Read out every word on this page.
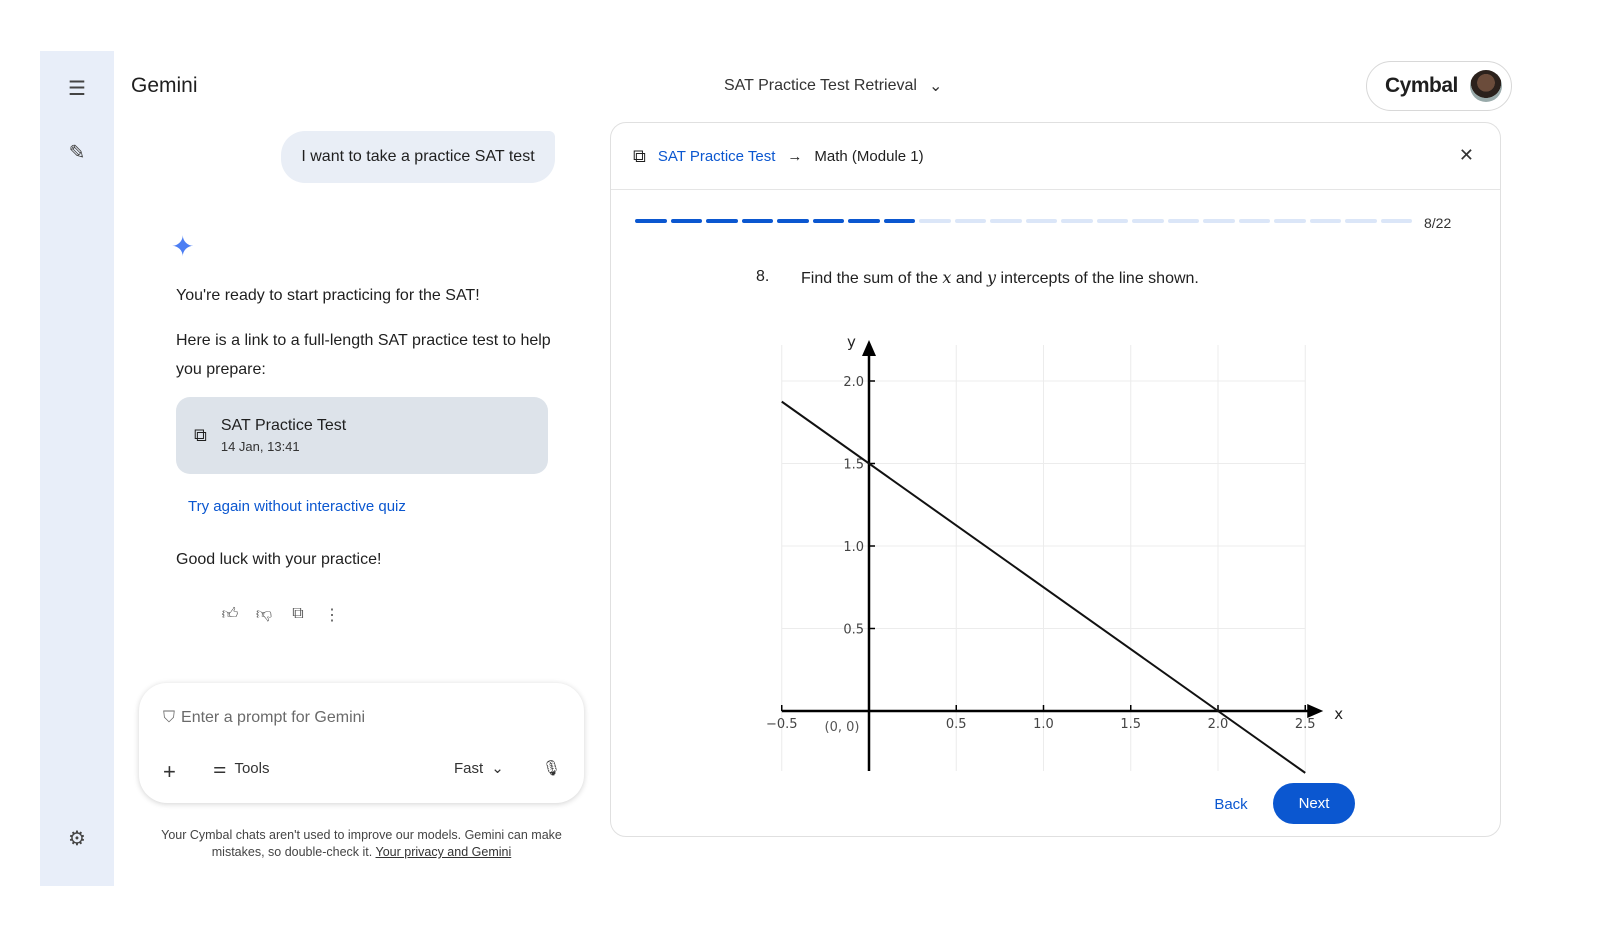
☰
✎
⚙
Gemini	SAT Practice Test Retrieval ⌄	Cymbal
I want to take a practice SAT test
✦
You're ready to start practicing for the SAT!
Here is a link to a full-length SAT practice test to help you prepare:
⧉ SAT Practice Test
14 Jan, 13:41
Try again without interactive quiz
Good luck with your practice!
👍︎ 👎︎ ⧉ ⋮
⛉ Enter a prompt for Gemini
+ ⚌ Tools	Fast ⌄	🎙︎
Your Cymbal chats aren't used to improve our models. Gemini can make mistakes, so double-check it. Your privacy and Gemini
⧉ SAT Practice Test → Math (Module 1)	✕
8/22
8. Find the sum of the x and y intercepts of the line shown.
x
y
−0.5	0.5	1.0	1.5	2.0	2.5
0.5
1.0
1.5
2.0
(0, 0)
Back	Next
